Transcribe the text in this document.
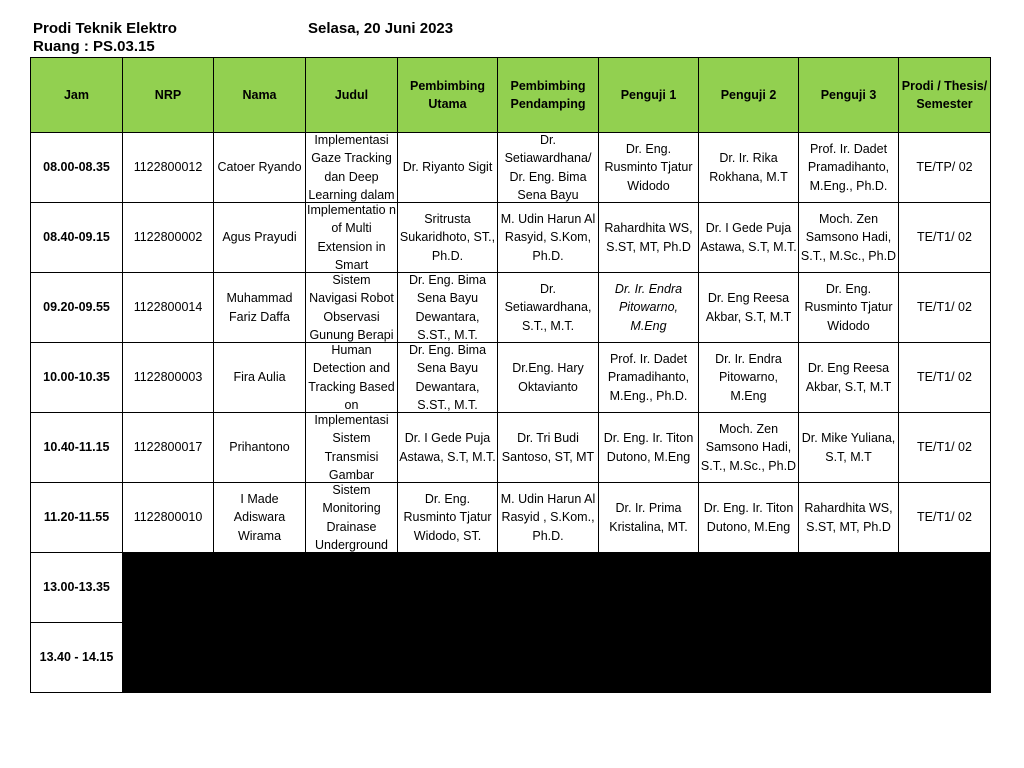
Prodi Teknik Elektro
Ruang : PS.03.15
Selasa, 20 Juni 2023
Jam	NRP	Nama	Judul	Pembimbing Utama	Pembimbing Pendamping	Penguji 1	Penguji 2	Penguji 3	Prodi / Thesis/ Semester
08.00-08.35	1122800012	Catoer Ryando	Implementasi Gaze Tracking dan Deep Learning dalam	Dr. Riyanto Sigit	Dr. Setiawardhana/ Dr. Eng. Bima Sena Bayu	Dr. Eng. Rusminto Tjatur Widodo	Dr. Ir. Rika Rokhana, M.T	Prof. Ir. Dadet Pramadihanto, M.Eng., Ph.D.	TE/TP/ 02
08.40-09.15	1122800002	Agus Prayudi	Implementatio n of Multi Extension in Smart	Sritrusta Sukaridhoto, ST., Ph.D.	M. Udin Harun Al Rasyid, S.Kom, Ph.D.	Rahardhita WS, S.ST, MT, Ph.D	Dr. I Gede Puja Astawa, S.T, M.T.	Moch. Zen Samsono Hadi, S.T., M.Sc., Ph.D	TE/T1/ 02
09.20-09.55	1122800014	Muhammad Fariz Daffa	Sistem Navigasi Robot Observasi Gunung Berapi	Dr. Eng. Bima Sena Bayu Dewantara, S.ST., M.T.	Dr. Setiawardhana, S.T., M.T.	Dr. Ir. Endra Pitowarno, M.Eng	Dr. Eng Reesa Akbar, S.T, M.T	Dr. Eng. Rusminto Tjatur Widodo	TE/T1/ 02
10.00-10.35	1122800003	Fira Aulia	Human Detection and Tracking Based on	Dr. Eng. Bima Sena Bayu Dewantara, S.ST., M.T.	Dr.Eng. Hary Oktavianto	Prof. Ir. Dadet Pramadihanto, M.Eng., Ph.D.	Dr. Ir. Endra Pitowarno, M.Eng	Dr. Eng Reesa Akbar, S.T, M.T	TE/T1/ 02
10.40-11.15	1122800017	Prihantono	Implementasi Sistem Transmisi Gambar	Dr. I Gede Puja Astawa, S.T, M.T.	Dr. Tri Budi Santoso, ST, MT	Dr. Eng. Ir. Titon Dutono, M.Eng	Moch. Zen Samsono Hadi, S.T., M.Sc., Ph.D	Dr. Mike Yuliana, S.T, M.T	TE/T1/ 02
11.20-11.55	1122800010	I Made Adiswara Wirama	Sistem Monitoring Drainase Underground	Dr. Eng. Rusminto Tjatur Widodo, ST.	M. Udin Harun Al Rasyid , S.Kom., Ph.D.	Dr. Ir. Prima Kristalina, MT.	Dr. Eng. Ir. Titon Dutono, M.Eng	Rahardhita WS, S.ST, MT, Ph.D	TE/T1/ 02
13.00-13.35									
13.40 - 14.15									
